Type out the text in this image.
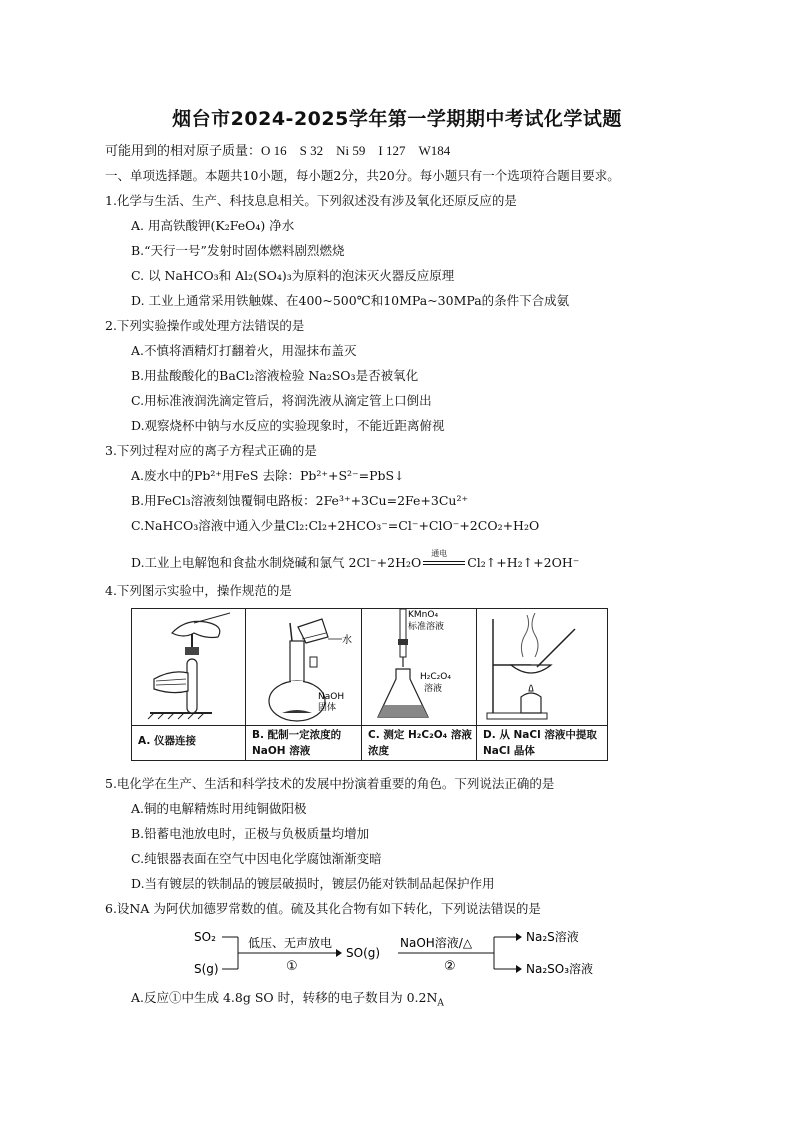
烟台市2024-2025学年第一学期期中考试化学试题
可能用到的相对原子质量：O 16　S 32　Ni 59　I 127　W184
一、单项选择题。本题共10小题，每小题2分，共20分。每小题只有一个选项符合题目要求。
1.化学与生活、生产、科技息息相关。下列叙述没有涉及氧化还原反应的是
A. 用高铁酸钾(K₂FeO₄) 净水
B.“天行一号”发射时固体燃料剧烈燃烧
C. 以 NaHCO₃和 Al₂(SO₄)₃为原料的泡沫灭火器反应原理
D. 工业上通常采用铁触媒、在400~500℃和10MPa~30MPa的条件下合成氨
2.下列实验操作或处理方法错误的是
A.不慎将酒精灯打翻着火，用湿抹布盖灭
B.用盐酸酸化的BaCl₂溶液检验 Na₂SO₃是否被氧化
C.用标准液润洗滴定管后，将润洗液从滴定管上口倒出
D.观察烧杯中钠与水反应的实验现象时，不能近距离俯视
3.下列过程对应的离子方程式正确的是
A.废水中的Pb²⁺用FeS 去除：Pb²⁺+S²⁻=PbS↓
B.用FeCl₃溶液刻蚀覆铜电路板：2Fe³⁺+3Cu=2Fe+3Cu²⁺
C.NaHCO₃溶液中通入少量Cl₂:Cl₂+2HCO₃⁻=Cl⁻+ClO⁻+2CO₂+H₂O
D.工业上电解饱和食盐水制烧碱和氯气 2Cl⁻+2H₂O
通电
Cl₂↑+H₂↑+2OH⁻
4.下列图示实验中，操作规范的是
A. 仪器连接
水
NaOH
固体
B. 配制一定浓度的 NaOH 溶液
KMnO₄
标准溶液
H₂C₂O₄
溶液
C. 测定 H₂C₂O₄ 溶液浓度
D. 从 NaCl 溶液中提取 NaCl 晶体
5.电化学在生产、生活和科学技术的发展中扮演着重要的角色。下列说法正确的是
A.铜的电解精炼时用纯铜做阳极
B.铅蓄电池放电时，正极与负极质量均增加
C.纯银器表面在空气中因电化学腐蚀渐渐变暗
D.当有镀层的铁制品的镀层破损时，镀层仍能对铁制品起保护作用
6.设NA 为阿伏加德罗常数的值。硫及其化合物有如下转化，下列说法错误的是
SO₂
S(g)
低压、无声放电
①
SO(g)
NaOH溶液/△
②
Na₂S溶液
Na₂SO₃溶液
A.反应①中生成 4.8g SO 时，转移的电子数目为 $0.2N_A$
